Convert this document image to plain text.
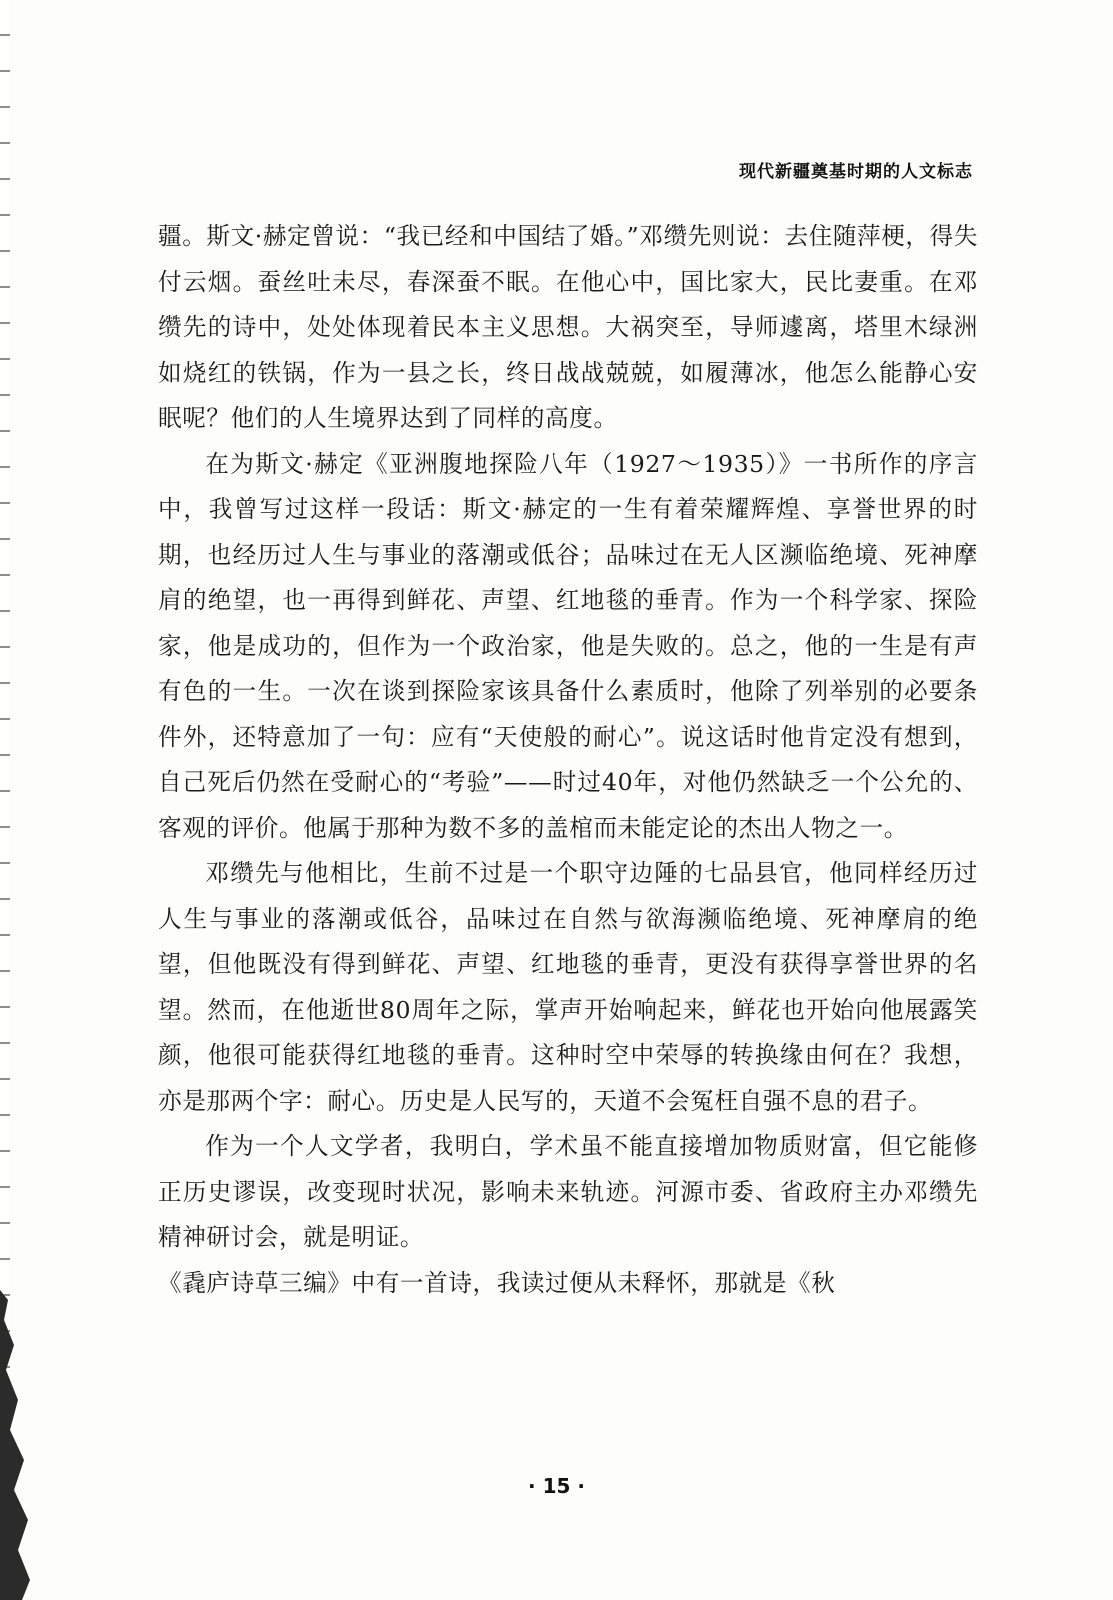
现代新疆奠基时期的人文标志

疆。斯文·赫定曾说：“我已经和中国结了婚。”邓缵先则说：去住随萍梗，得失付云烟。蚕丝吐未尽，春深蚕不眠。在他心中，国比家大，民比妻重。在邓缵先的诗中，处处体现着民本主义思想。大祸突至，导师遽离，塔里木绿洲如烧红的铁锅，作为一县之长，终日战战兢兢，如履薄冰，他怎么能静心安眠呢？他们的人生境界达到了同样的高度。

在为斯文·赫定《亚洲腹地探险八年（1927～1935）》一书所作的序言中，我曾写过这样一段话：斯文·赫定的一生有着荣耀辉煌、享誉世界的时期，也经历过人生与事业的落潮或低谷；品味过在无人区濒临绝境、死神摩肩的绝望，也一再得到鲜花、声望、红地毯的垂青。作为一个科学家、探险家，他是成功的，但作为一个政治家，他是失败的。总之，他的一生是有声有色的一生。一次在谈到探险家该具备什么素质时，他除了列举别的必要条件外，还特意加了一句：应有“天使般的耐心”。说这话时他肯定没有想到，自己死后仍然在受耐心的“考验”——时过40年，对他仍然缺乏一个公允的、客观的评价。他属于那种为数不多的盖棺而未能定论的杰出人物之一。

邓缵先与他相比，生前不过是一个职守边陲的七品县官，他同样经历过人生与事业的落潮或低谷，品味过在自然与欲海濒临绝境、死神摩肩的绝望，但他既没有得到鲜花、声望、红地毯的垂青，更没有获得享誉世界的名望。然而，在他逝世80周年之际，掌声开始响起来，鲜花也开始向他展露笑颜，他很可能获得红地毯的垂青。这种时空中荣辱的转换缘由何在？我想，亦是那两个字：耐心。历史是人民写的，天道不会冤枉自强不息的君子。

作为一个人文学者，我明白，学术虽不能直接增加物质财富，但它能修正历史谬误，改变现时状况，影响未来轨迹。河源市委、省政府主办邓缵先精神研讨会，就是明证。

《毳庐诗草三编》中有一首诗，我读过便从未释怀，那就是《秋

· 15 ·
